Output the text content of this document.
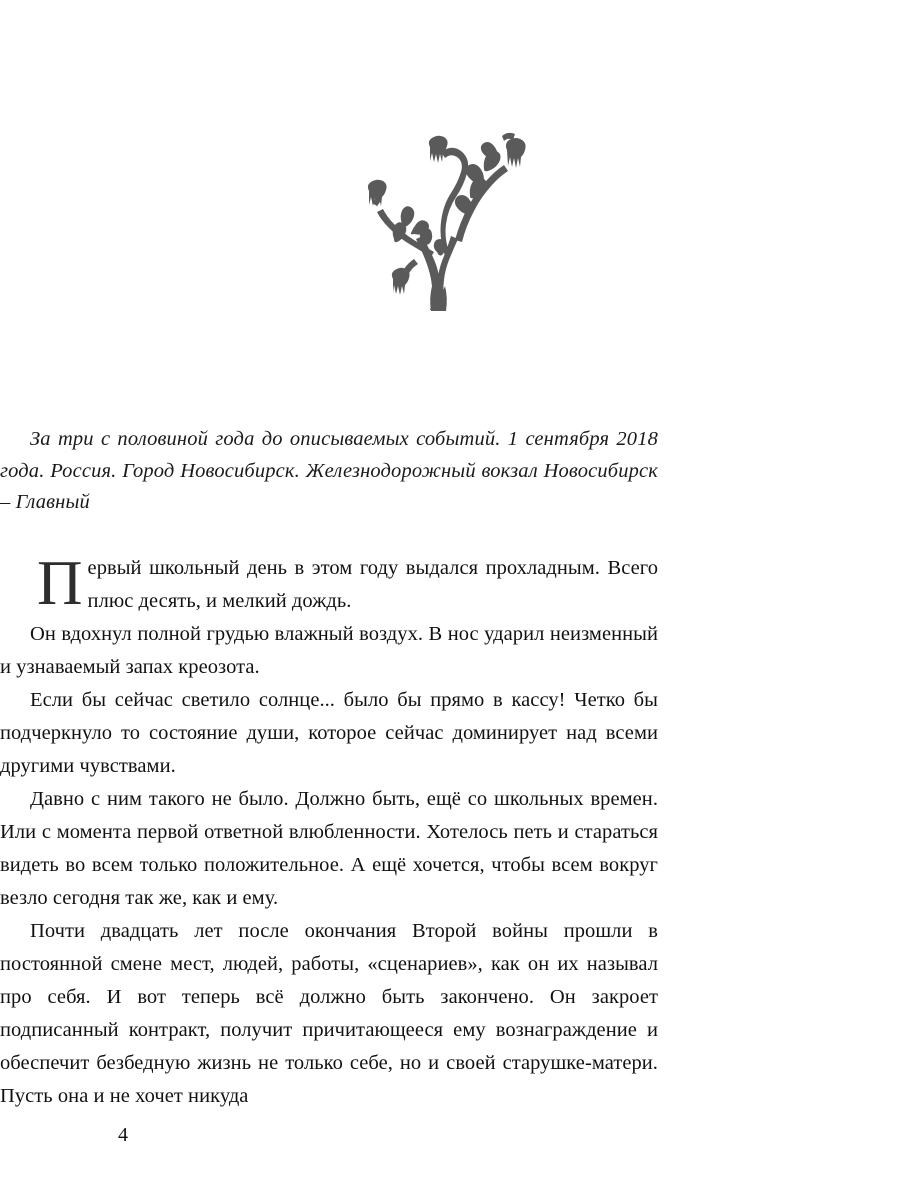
За три с половиной года до описываемых событий. 1 сентября 2018 года. Россия. Город Новосибирск. Железнодорожный вокзал Новосибирск – Главный

Первый школьный день в этом году выдался прохладным. Всего плюс десять, и мелкий дождь.

Он вдохнул полной грудью влажный воздух. В нос ударил неизменный и узнаваемый запах креозота.

Если бы сейчас светило солнце... было бы прямо в кассу! Четко бы подчеркнуло то состояние души, которое сейчас доминирует над всеми другими чувствами.

Давно с ним такого не было. Должно быть, ещё со школьных времен. Или с момента первой ответной влюбленности. Хотелось петь и стараться видеть во всем только положительное. А ещё хочется, чтобы всем вокруг везло сегодня так же, как и ему.

Почти двадцать лет после окончания Второй войны прошли в постоянной смене мест, людей, работы, «сценариев», как он их называл про себя. И вот теперь всё должно быть закончено. Он закроет подписанный контракт, получит причитающееся ему вознаграждение и обеспечит безбедную жизнь не только себе, но и своей старушке-матери. Пусть она и не хочет никуда

4
